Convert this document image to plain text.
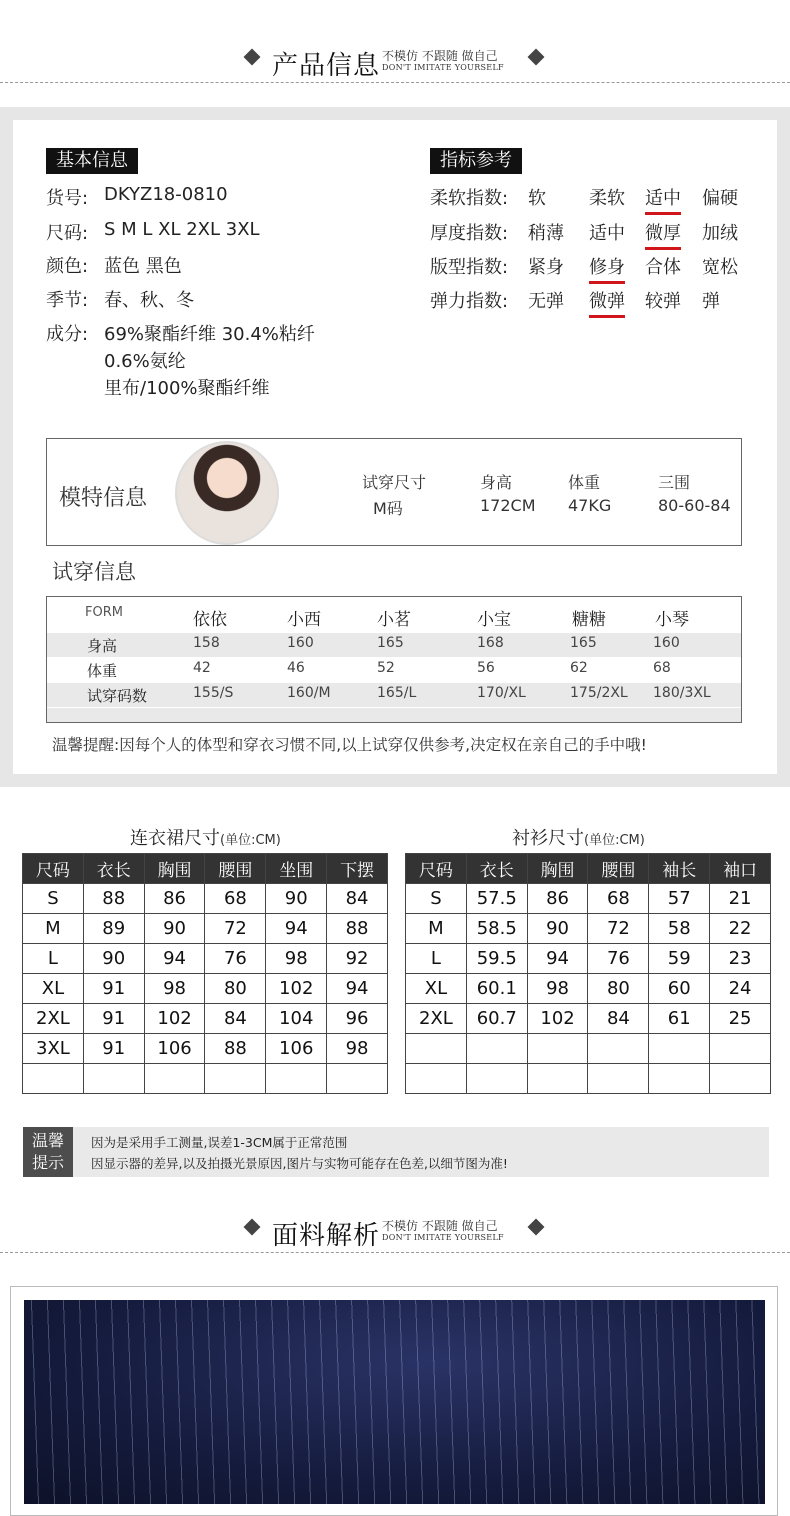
产品信息 不模仿 不跟随 做自己
DON'T IMITATE YOURSELF
基本信息
货号: DKYZ18-0810
尺码: S M L XL 2XL 3XL
颜色: 蓝色 黑色
季节: 春、秋、冬
成分: 69%聚酯纤维 30.4%粘纤
0.6%氨纶
里布/100%聚酯纤维
指标参考
柔软指数: 软 柔软 适中 偏硬
厚度指数: 稍薄 适中 微厚 加绒
版型指数: 紧身 修身 合体 宽松
弹力指数: 无弹 微弹 较弹 弹
模特信息
试穿尺寸
M码
身高
172CM
体重
47KG
三围
80-60-84
试穿信息
FORM	依依	小西	小茗	小宝	糖糖	小琴
身高	158	160	165	168	165	160
体重	42	46	52	56	62	68
试穿码数	155/S	160/M	165/L	170/XL	175/2XL 180/3XL
温馨提醒:因每个人的体型和穿衣习惯不同,以上试穿仅供参考,决定权在亲自己的手中哦!
连衣裙尺寸(单位:CM)
尺码	衣长	胸围	腰围	坐围	下摆
S	88	86	68	90	84
M	89	90	72	94	88
L	90	94	76	98	92
XL	91	98	80	102	94
2XL	91	102	84	104	96
3XL	91	106	88	106	98

衬衫尺寸(单位:CM)
尺码	衣长	胸围	腰围	袖长	袖口
S	57.5	86	68	57	21
M	58.5	90	72	58	22
L	59.5	94	76	59	23
XL	60.1	98	80	60	24
2XL	60.7	102	84	61	25

温馨
提示
因为是采用手工测量,误差1-3CM属于正常范围
因显示器的差异,以及拍摄光景原因,图片与实物可能存在色差,以细节图为准!
面料解析 不模仿 不跟随 做自己
DON'T IMITATE YOURSELF
